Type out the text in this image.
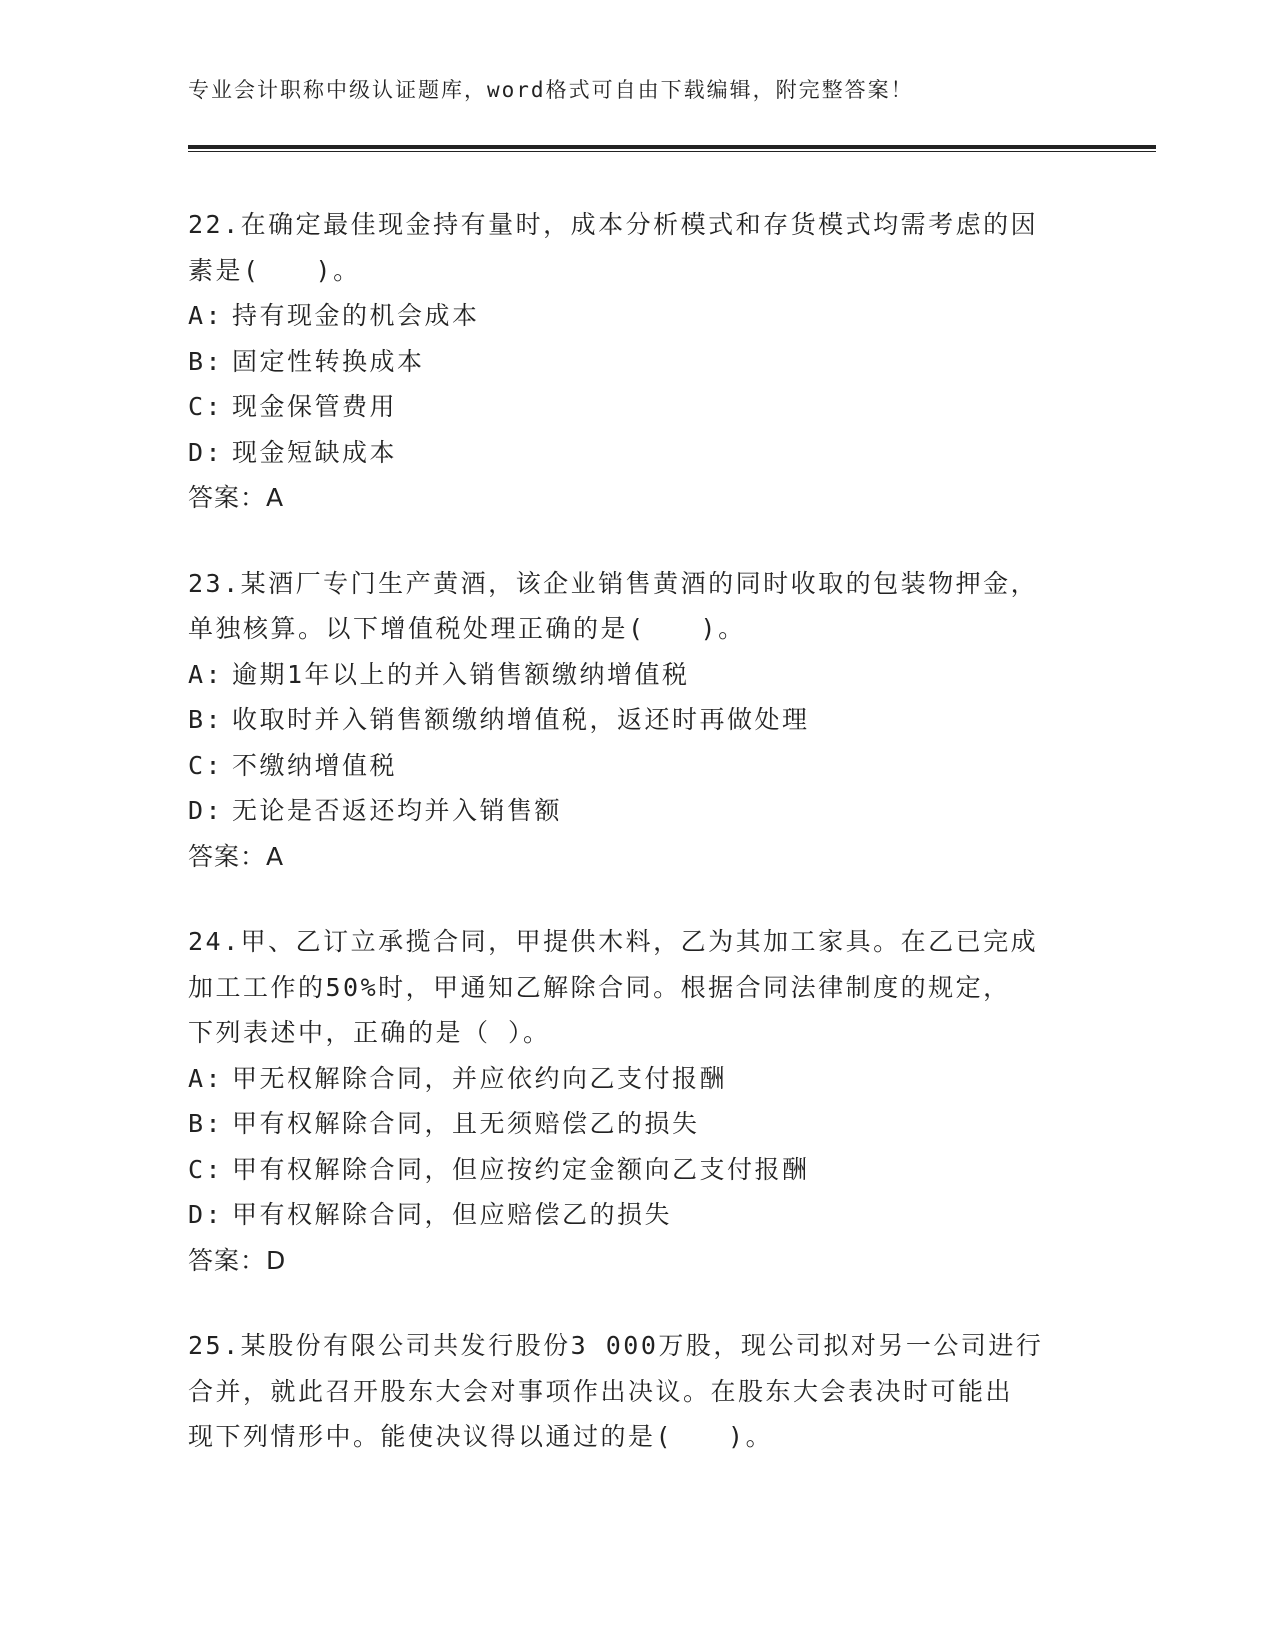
专业会计职称中级认证题库，word格式可自由下载编辑，附完整答案！
22.在确定最佳现金持有量时，成本分析模式和存货模式均需考虑的因
素是(　　)。
A: 持有现金的机会成本
B: 固定性转换成本
C: 现金保管费用
D: 现金短缺成本
答案：A
23.某酒厂专门生产黄酒，该企业销售黄酒的同时收取的包装物押金，
单独核算。以下增值税处理正确的是(　　)。
A: 逾期1年以上的并入销售额缴纳增值税
B: 收取时并入销售额缴纳增值税，返还时再做处理
C: 不缴纳增值税
D: 无论是否返还均并入销售额
答案：A
24.甲、乙订立承揽合同，甲提供木料，乙为其加工家具。在乙已完成
加工工作的50%时，甲通知乙解除合同。根据合同法律制度的规定，
下列表述中，正确的是（ ）。
A: 甲无权解除合同，并应依约向乙支付报酬
B: 甲有权解除合同，且无须赔偿乙的损失
C: 甲有权解除合同，但应按约定金额向乙支付报酬
D: 甲有权解除合同，但应赔偿乙的损失
答案：D
25.某股份有限公司共发行股份3 000万股，现公司拟对另一公司进行
合并，就此召开股东大会对事项作出决议。在股东大会表决时可能出
现下列情形中。能使决议得以通过的是(　　)。
